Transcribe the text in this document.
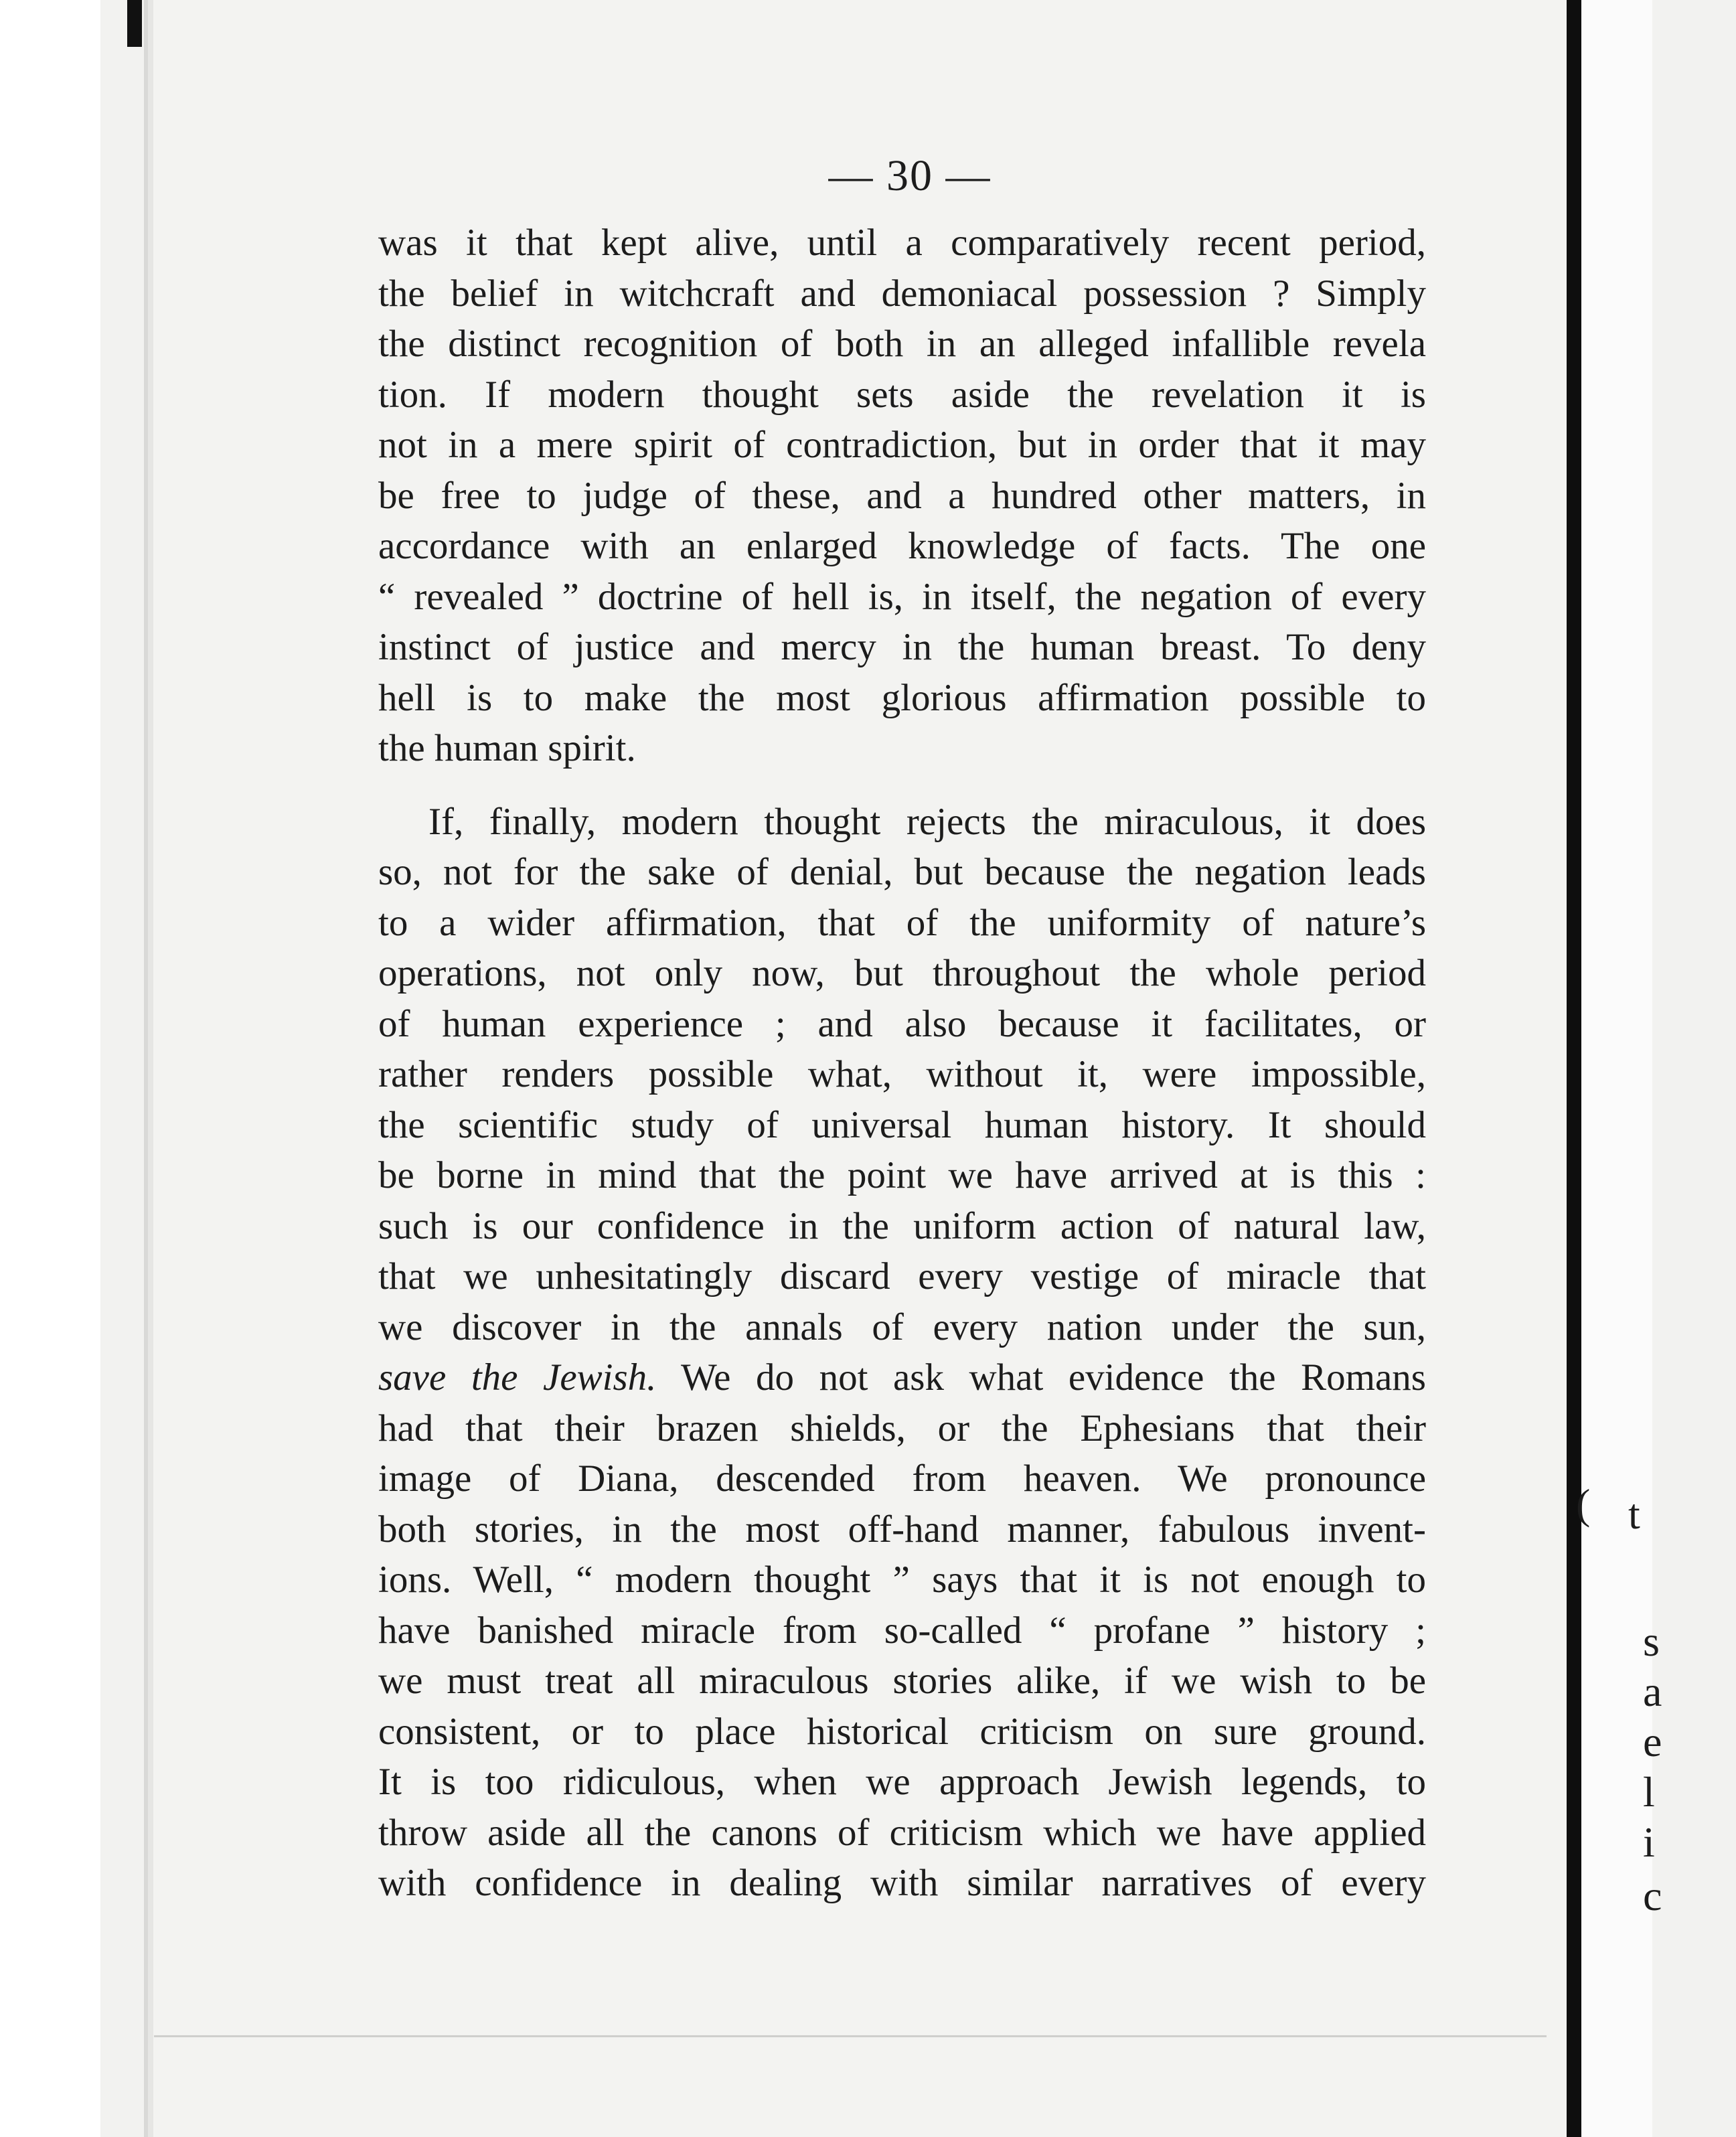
— 30 —
was it that kept alive, until a comparatively recent period,
the belief in witchcraft and demoniacal possession ? Simply
the distinct recognition of both in an alleged infallible revela
tion. If modern thought sets aside the revelation it is
not in a mere spirit of contradiction, but in order that it may
be free to judge of these, and a hundred other matters, in
accordance with an enlarged knowledge of facts. The one
“ revealed ” doctrine of hell is, in itself, the negation of every
instinct of justice and mercy in the human breast. To deny
hell is to make the most glorious affirmation possible to
the human spirit.
If, finally, modern thought rejects the miraculous, it does
so, not for the sake of denial, but because the negation leads
to a wider affirmation, that of the uniformity of nature’s
operations, not only now, but throughout the whole period
of human experience ; and also because it facilitates, or
rather renders possible what, without it, were impossible,
the scientific study of universal human history. It should
be borne in mind that the point we have arrived at is this :
such is our confidence in the uniform action of natural law,
that we unhesitatingly discard every vestige of miracle that
we discover in the annals of every nation under the sun,
save the Jewish. We do not ask what evidence the Romans
had that their brazen shields, or the Ephesians that their
image of Diana, descended from heaven. We pronounce
both stories, in the most off-hand manner, fabulous invent-
ions. Well, “ modern thought ” says that it is not enough to
have banished miracle from so-called “ profane ” history ;
we must treat all miraculous stories alike, if we wish to be
consistent, or to place historical criticism on sure ground.
It is too ridiculous, when we approach Jewish legends, to
throw aside all the canons of criticism which we have applied
with confidence in dealing with similar narratives of every
( t
s
a
e
l
i
c
